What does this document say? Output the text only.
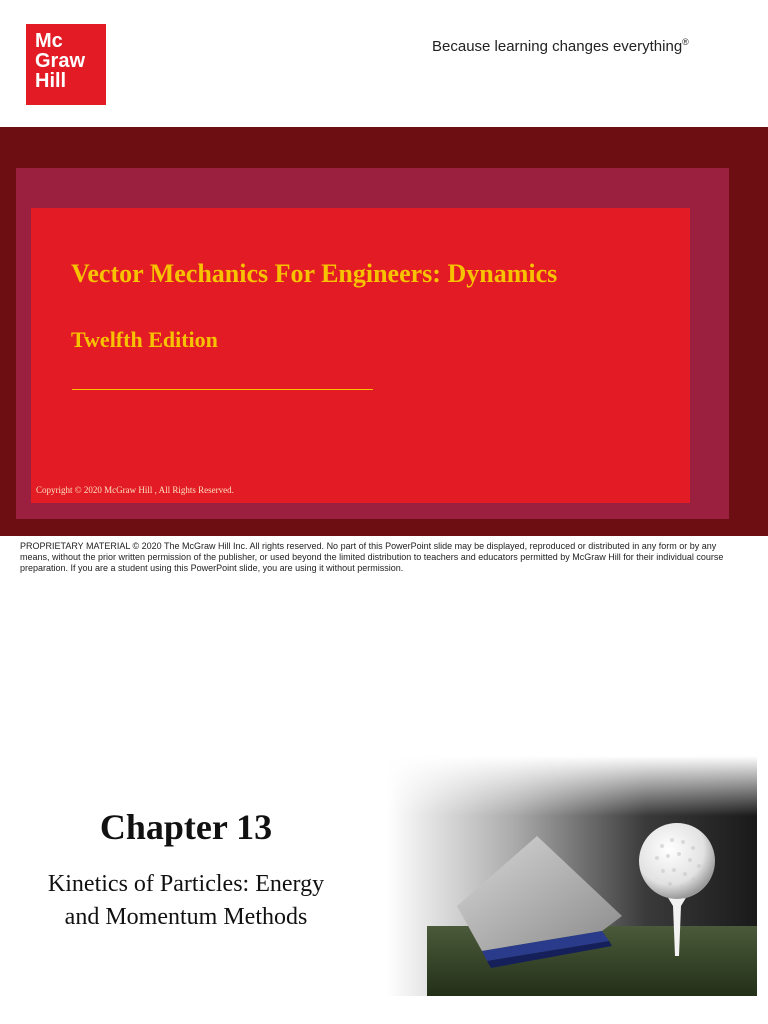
Mc
Graw
Hill
Because learning changes everything®
Vector Mechanics For Engineers: Dynamics
Twelfth Edition
Copyright © 2020 McGraw Hill , All Rights Reserved.
PROPRIETARY MATERIAL © 2020 The McGraw Hill Inc. All rights reserved. No part of this PowerPoint slide may be displayed, reproduced or distributed in any form or by any means, without the prior written permission of the publisher, or used beyond the limited distribution to teachers and educators permitted by McGraw Hill for their individual course preparation. If you are a student using this PowerPoint slide, you are using it without permission.
Chapter 13
Kinetics of Particles: Energy
and Momentum Methods
